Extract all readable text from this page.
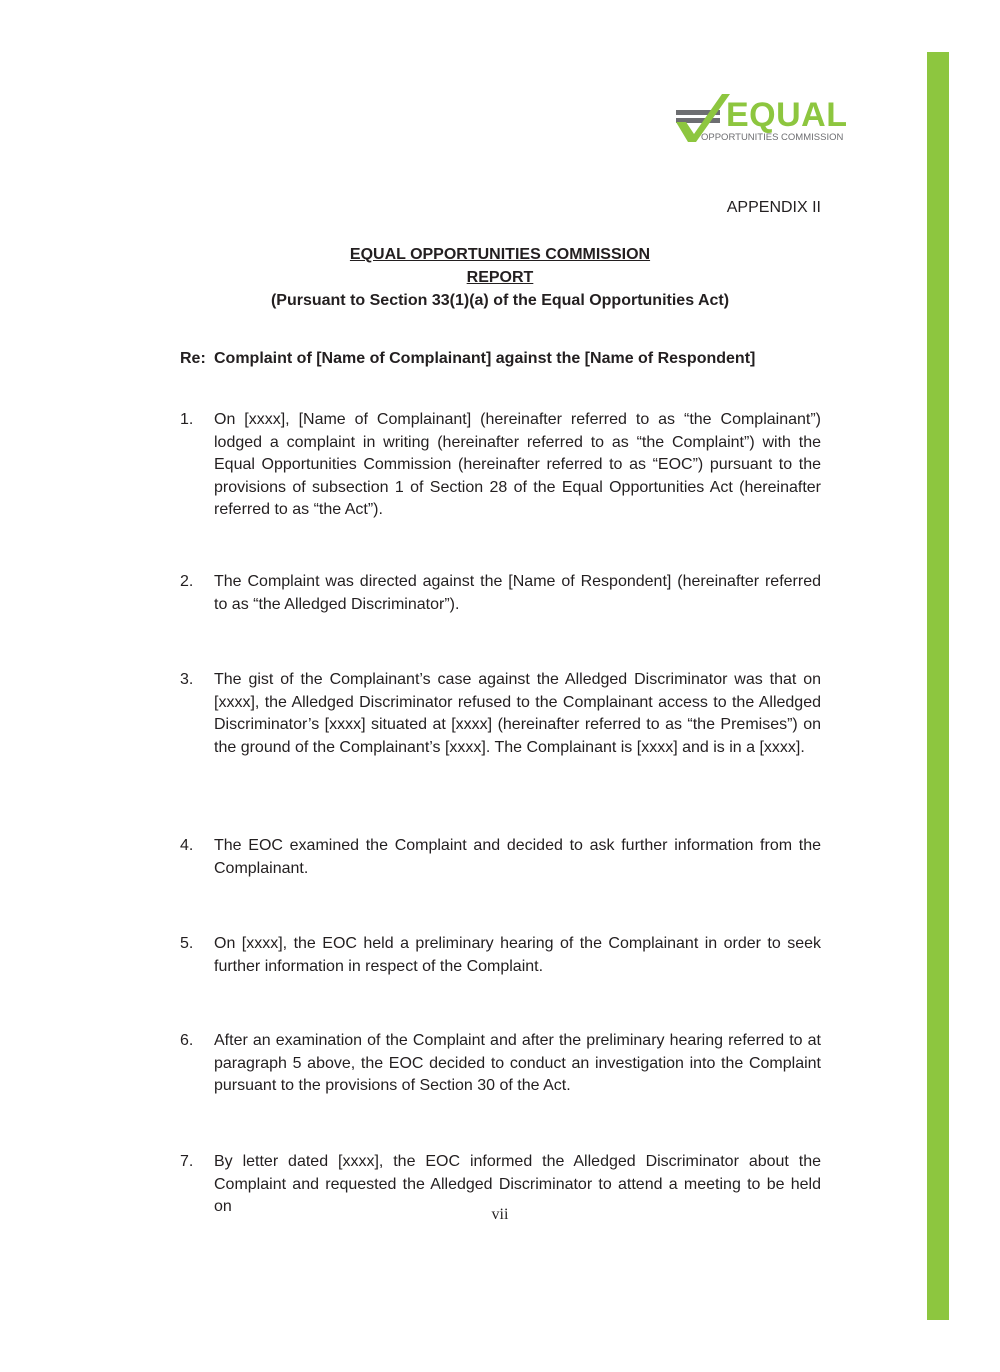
EQUAL
OPPORTUNITIES COMMISSION
APPENDIX II
EQUAL OPPORTUNITIES COMMISSION
REPORT
(Pursuant to Section 33(1)(a) of the Equal Opportunities Act)
Re: Complaint of [Name of Complainant] against the [Name of Respondent]
1. On [xxxx], [Name of Complainant] (hereinafter referred to as “the Complainant”) lodged a complaint in writing (hereinafter referred to as “the Complaint”) with the Equal Opportunities Commission (hereinafter referred to as “EOC”) pursuant to the provisions of subsection 1 of Section 28 of the Equal Opportunities Act (hereinafter referred to as “the Act”).
2. The Complaint was directed against the [Name of Respondent] (hereinafter referred to as “the Alledged Discriminator”).
3. The gist of the Complainant’s case against the Alledged Discriminator was that on [xxxx], the Alledged Discriminator refused to the Complainant access to the Alledged Discriminator’s [xxxx] situated at [xxxx] (hereinafter referred to as “the Premises”) on the ground of the Complainant’s [xxxx]. The Complainant is [xxxx] and is in a [xxxx].
4. The EOC examined the Complaint and decided to ask further information from the Complainant.
5. On [xxxx], the EOC held a preliminary hearing of the Complainant in order to seek further information in respect of the Complaint.
6. After an examination of the Complaint and after the preliminary hearing referred to at paragraph 5 above, the EOC decided to conduct an investigation into the Complaint pursuant to the provisions of Section 30 of the Act.
7. By letter dated [xxxx], the EOC informed the Alledged Discriminator about the Complaint and requested the Alledged Discriminator to attend a meeting to be held on	vii
